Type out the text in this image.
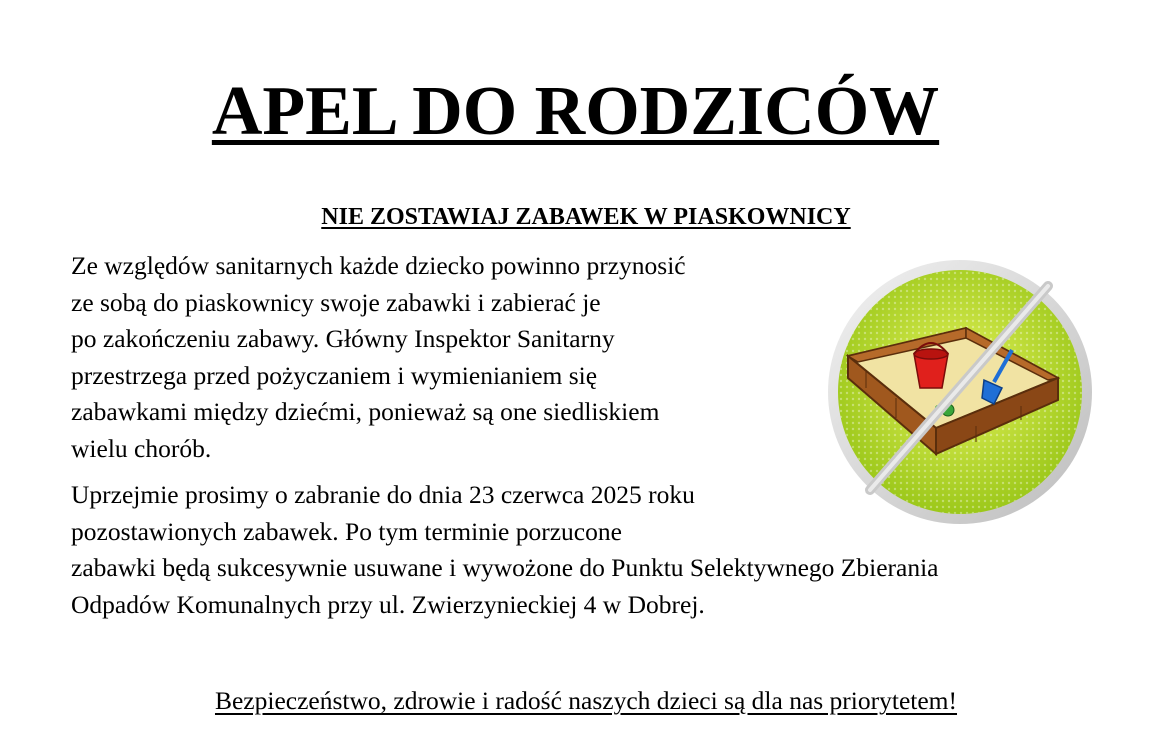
APEL DO RODZICÓW
NIE ZOSTAWIAJ ZABAWEK W PIASKOWNICY

Ze względów sanitarnych każde dziecko powinno przynosić
ze sobą do piaskownicy swoje zabawki i zabierać je
po zakończeniu zabawy. Główny Inspektor Sanitarny
przestrzega przed pożyczaniem i wymienianiem się
zabawkami między dziećmi, ponieważ są one siedliskiem
wielu chorób.

Uprzejmie prosimy o zabranie do dnia 23 czerwca 2025 roku
pozostawionych zabawek. Po tym terminie porzucone
zabawki będą sukcesywnie usuwane i wywożone do Punktu Selektywnego Zbierania
Odpadów Komunalnych przy ul. Zwierzynieckiej 4 w Dobrej.

Bezpieczeństwo, zdrowie i radość naszych dzieci są dla nas priorytetem!
